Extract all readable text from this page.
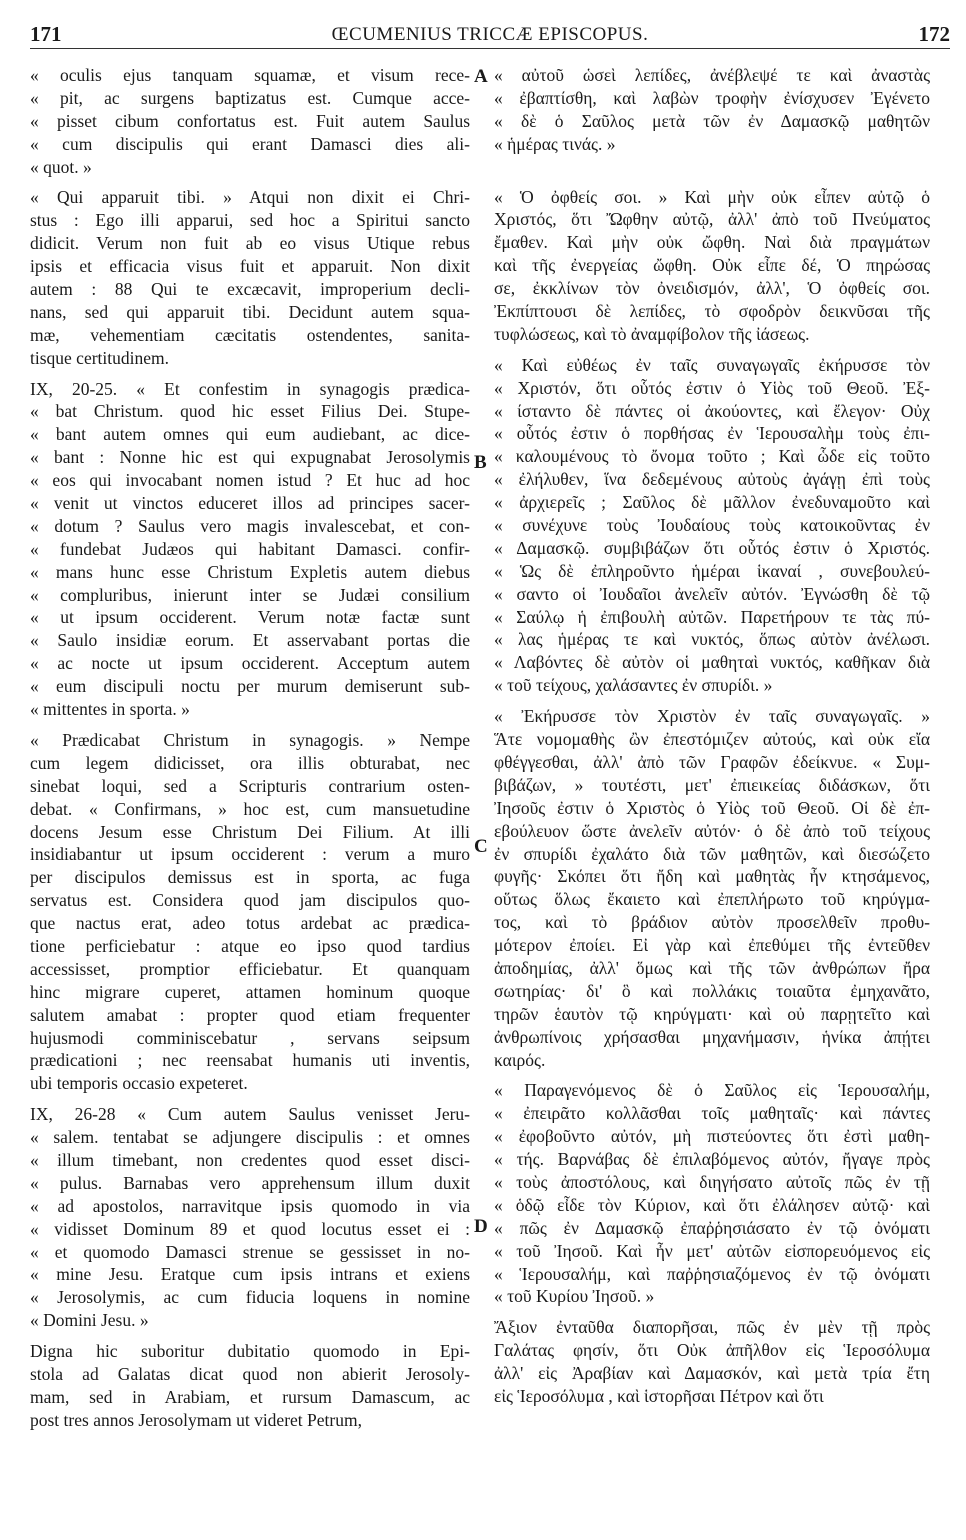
171	ŒCUMENIUS TRICCÆ EPISCOPUS.	172
A
B
C
D
« oculis ejus tanquam squamæ, et visum rece-
« pit, ac surgens baptizatus est. Cumque acce-
« pisset cibum confortatus est. Fuit autem Saulus
« cum discipulis qui erant Damasci dies ali-
« quot. »
« Qui apparuit tibi. » Atqui non dixit ei Chri-
stus : Ego illi apparui, sed hoc a Spiritui sancto
didicit. Verum non fuit ab eo visus Utique rebus
ipsis et efficacia visus fuit et apparuit. Non dixit
autem : 88 Qui te excæcavit, improperium decli-
nans, sed qui apparuit tibi. Decidunt autem squa-
mæ, vehementiam cæcitatis ostendentes, sanita-
tisque certitudinem.
IX, 20-25. « Et confestim in synagogis prædica-
« bat Christum. quod hic esset Filius Dei. Stupe-
« bant autem omnes qui eum audiebant, ac dice-
« bant : Nonne hic est qui expugnabat Jerosolymis
« eos qui invocabant nomen istud ? Et huc ad hoc
« venit ut vinctos educeret illos ad principes sacer-
« dotum ? Saulus vero magis invalescebat, et con-
« fundebat Judæos qui habitant Damasci. confir-
« mans hunc esse Christum Expletis autem diebus
« compluribus, inierunt inter se Judæi consilium
« ut ipsum occiderent. Verum notæ factæ sunt
« Saulo insidiæ eorum. Et asservabant portas die
« ac nocte ut ipsum occiderent. Acceptum autem
« eum discipuli noctu per murum demiserunt sub-
« mittentes in sporta. »
« Prædicabat Christum in synagogis. » Nempe
cum legem didicisset, ora illis obturabat, nec
sinebat loqui, sed a Scripturis contrarium osten-
debat. « Confirmans, » hoc est, cum mansuetudine
docens Jesum esse Christum Dei Filium. At illi
insidiabantur ut ipsum occiderent : verum a muro
per discipulos demissus est in sporta, ac fuga
servatus est. Considera quod jam discipulos quo-
que nactus erat, adeo totus ardebat ac prædica-
tione perficiebatur : atque eo ipso quod tardius
accessisset, promptior efficiebatur. Et quanquam
hinc migrare cuperet, attamen hominum quoque
salutem amabat : propter quod etiam frequenter
hujusmodi comminiscebatur , servans seipsum
prædicationi ; nec reensabat humanis uti inventis,
ubi temporis occasio expeteret.
IX, 26-28 « Cum autem Saulus venisset Jeru-
« salem. tentabat se adjungere discipulis : et omnes
« illum timebant, non credentes quod esset disci-
« pulus. Barnabas vero apprehensum illum duxit
« ad apostolos, narravitque ipsis quomodo in via
« vidisset Dominum 89 et quod locutus esset ei :
« et quomodo Damasci strenue se gessisset in no-
« mine Jesu. Eratque cum ipsis intrans et exiens
« Jerosolymis, ac cum fiducia loquens in nomine
« Domini Jesu. »
Digna hic suboritur dubitatio quomodo in Epi-
stola ad Galatas dicat quod non abierit Jerosoly-
mam, sed in Arabiam, et rursum Damascum, ac
post tres annos Jerosolymam ut videret Petrum,
« αὐτοῦ ὡσεὶ λεπίδες, ἀνέβλεψέ τε καὶ ἀναστὰς
« ἐβαπτίσθη, καὶ λαβὼν τροφὴν ἐνίσχυσεν Ἐγένετο
« δὲ ὁ Σαῦλος μετὰ τῶν ἐν Δαμασκῷ μαθητῶν
« ἡμέρας τινάς. »
« Ὁ ὀφθείς σοι. » Καὶ μὴν οὐκ εἶπεν αὐτῷ ὁ
Χριστός, ὅτι Ὤφθην αὐτῷ, ἀλλ' ἀπὸ τοῦ Πνεύματος
ἔμαθεν. Καὶ μὴν οὐκ ὤφθη. Ναὶ διὰ πραγμάτων
καὶ τῆς ἐνεργείας ὤφθη. Οὐκ εἶπε δέ, Ὁ πηρώσας
σε, ἐκκλίνων τὸν ὀνειδισμόν, ἀλλ', Ὁ ὀφθείς σοι.
Ἐκπίπτουσι δὲ λεπίδες, τὸ σφοδρὸν δεικνῦσαι τῆς
τυφλώσεως, καὶ τὸ ἀναμφίβολον τῆς ἰάσεως.
« Καὶ εὐθέως ἐν ταῖς συναγωγαῖς ἐκήρυσσε τὸν
« Χριστόν, ὅτι οὗτός ἐστιν ὁ Υἱὸς τοῦ Θεοῦ. Ἐξ-
« ίσταντο δὲ πάντες οἱ ἀκούοντες, καὶ ἔλεγον· Οὐχ
« οὗτός ἐστιν ὁ πορθήσας ἐν Ἱερουσαλὴμ τοὺς ἐπι-
« καλουμένους τὸ ὄνομα τοῦτο ; Καὶ ὧδε εἰς τοῦτο
« ἐλήλυθεν, ἵνα δεδεμένους αὐτοὺς ἀγάγῃ ἐπὶ τοὺς
« ἀρχιερεῖς ; Σαῦλος δὲ μᾶλλον ἐνεδυναμοῦτο καὶ
« συνέχυνε τοὺς Ἰουδαίους τοὺς κατοικοῦντας ἐν
« Δαμασκῷ. συμβιβάζων ὅτι οὗτός ἐστιν ὁ Χριστός.
« Ὡς δὲ ἐπληροῦντο ἡμέραι ἱκαναί , συνεβουλεύ-
« σαντο οἱ Ἰουδαῖοι ἀνελεῖν αὐτόν. Ἐγνώσθη δὲ τῷ
« Σαύλῳ ἡ ἐπιβουλὴ αὐτῶν. Παρετήρουν τε τὰς πύ-
« λας ἡμέρας τε καὶ νυκτός, ὅπως αὐτὸν ἀνέλωσι.
« Λαβόντες δὲ αὐτὸν οἱ μαθηταὶ νυκτός, καθῆκαν διὰ
« τοῦ τείχους, χαλάσαντες ἐν σπυρίδι. »
« Ἐκήρυσσε τὸν Χριστὸν ἐν ταῖς συναγωγαῖς. »
Ἅτε νομομαθὴς ὢν ἐπεστόμιζεν αὐτούς, καὶ οὐκ εἴα
φθέγγεσθαι, ἀλλ' ἀπὸ τῶν Γραφῶν ἐδείκνυε. « Συμ-
βιβάζων, » τουτέστι, μετ' ἐπιεικείας διδάσκων, ὅτι
Ἰησοῦς ἐστιν ὁ Χριστὸς ὁ Υἱὸς τοῦ Θεοῦ. Οἱ δὲ ἐπ-
εβούλευον ὥστε ἀνελεῖν αὐτόν· ὁ δὲ ἀπὸ τοῦ τείχους
ἐν σπυρίδι ἐχαλάτο διὰ τῶν μαθητῶν, καὶ διεσώζετο
φυγῆς· Σκόπει ὅτι ἤδη καὶ μαθητὰς ἦν κτησάμενος,
οὕτως ὅλως ἔκαιετο καὶ ἐπεπλήρωτο τοῦ κηρύγμα-
τος, καὶ τὸ βράδιον αὐτὸν προσελθεῖν προθυ-
μότερον ἐποίει. Εἰ γὰρ καὶ ἐπεθύμει τῆς ἐντεῦθεν
ἀποδημίας, ἀλλ' ὅμως καὶ τῆς τῶν ἀνθρώπων ἤρα
σωτηρίας· δι' ὃ καὶ πολλάκις τοιαῦτα ἐμηχανᾶτο,
τηρῶν ἑαυτὸν τῷ κηρύγματι· καὶ οὐ παρῃτεῖτο καὶ
ἀνθρωπίνοις χρήσασθαι μηχανήμασιν, ἡνίκα ἀπῄτει
καιρός.
« Παραγενόμενος δὲ ὁ Σαῦλος εἰς Ἱερουσαλήμ,
« ἐπειρᾶτο κολλᾶσθαι τοῖς μαθηταῖς· καὶ πάντες
« ἐφοβοῦντο αὐτόν, μὴ πιστεύοντες ὅτι ἐστὶ μαθη-
« τής. Βαρνάβας δὲ ἐπιλαβόμενος αὐτόν, ἤγαγε πρὸς
« τοὺς ἀποστόλους, καὶ διηγήσατο αὐτοῖς πῶς ἐν τῇ
« ὁδῷ εἶδε τὸν Κύριον, καὶ ὅτι ἐλάλησεν αὐτῷ· καὶ
« πῶς ἐν Δαμασκῷ ἐπαῤῥησιάσατο ἐν τῷ ὀνόματι
« τοῦ Ἰησοῦ. Καὶ ἦν μετ' αὐτῶν εἰσπορευόμενος εἰς
« Ἱερουσαλήμ, καὶ παῤῥησιαζόμενος ἐν τῷ ὀνόματι
« τοῦ Κυρίου Ἰησοῦ. »
Ἄξιον ἐνταῦθα διαπορῆσαι, πῶς ἐν μὲν τῇ πρὸς
Γαλάτας φησίν, ὅτι Οὐκ ἀπῆλθον εἰς Ἱεροσόλυμα
ἀλλ' εἰς Ἀραβίαν καὶ Δαμασκόν, καὶ μετὰ τρία ἔτη
εἰς Ἱεροσόλυμα , καὶ ἱστορῆσαι Πέτρον καὶ ὅτι
